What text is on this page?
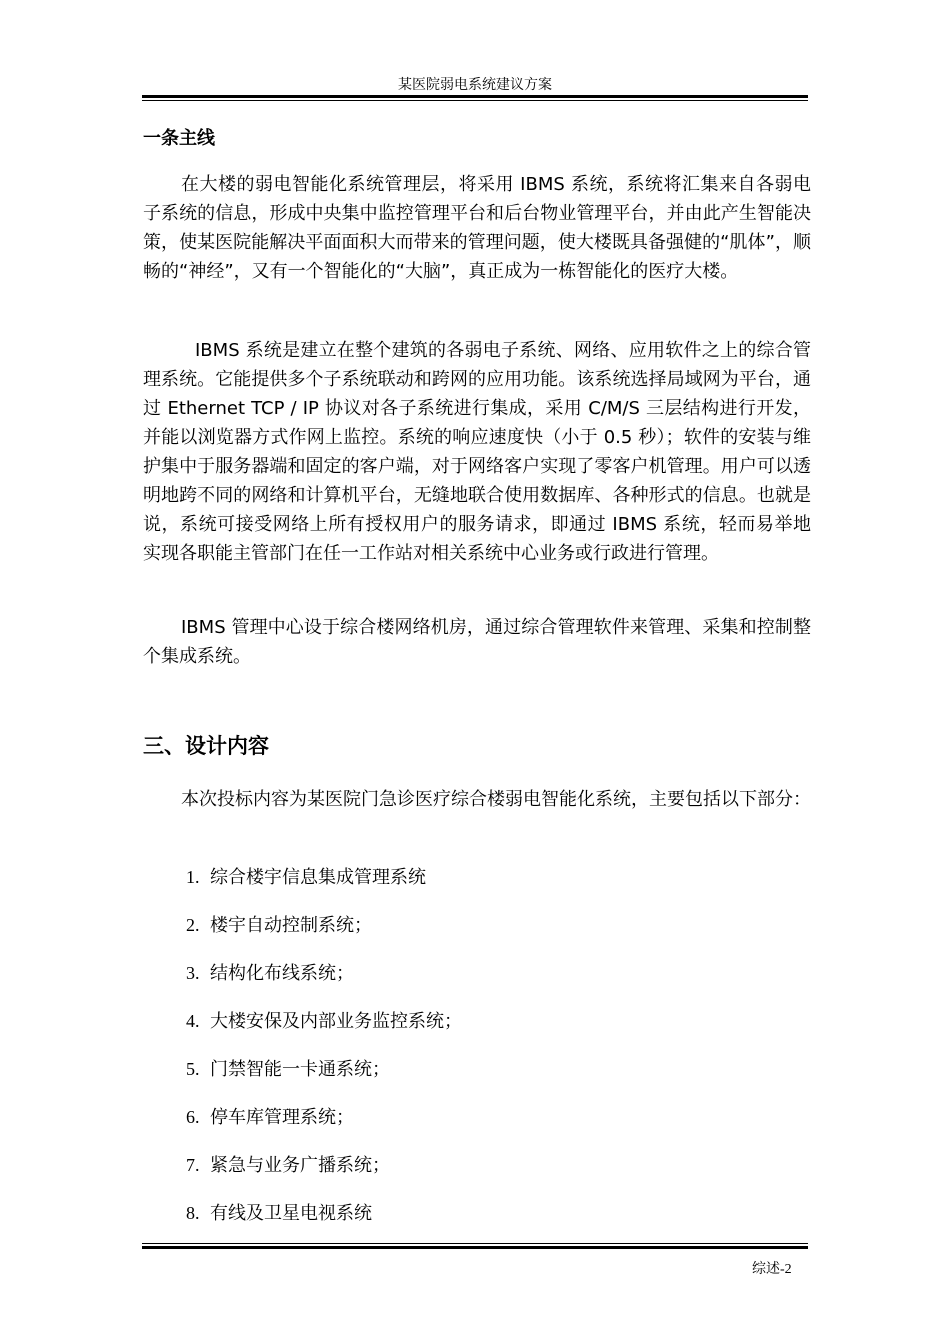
某医院弱电系统建议方案
一条主线

在大楼的弱电智能化系统管理层，将采用 IBMS 系统，系统将汇集来自各弱电子系统的信息，形成中央集中监控管理平台和后台物业管理平台，并由此产生智能决策，使某医院能解决平面面积大而带来的管理问题，使大楼既具备强健的“肌体”，顺畅的“神经”，又有一个智能化的“大脑”，真正成为一栋智能化的医疗大楼。

IBMS 系统是建立在整个建筑的各弱电子系统、网络、应用软件之上的综合管理系统。它能提供多个子系统联动和跨网的应用功能。该系统选择局域网为平台，通过 Ethernet TCP / IP 协议对各子系统进行集成，采用 C/M/S 三层结构进行开发，并能以浏览器方式作网上监控。系统的响应速度快（小于 0.5 秒）；软件的安装与维护集中于服务器端和固定的客户端，对于网络客户实现了零客户机管理。用户可以透明地跨不同的网络和计算机平台，无缝地联合使用数据库、各种形式的信息。也就是说，系统可接受网络上所有授权用户的服务请求，即通过 IBMS 系统，轻而易举地实现各职能主管部门在任一工作站对相关系统中心业务或行政进行管理。

IBMS 管理中心设于综合楼网络机房，通过综合管理软件来管理、采集和控制整个集成系统。

三、设计内容

本次投标内容为某医院门急诊医疗综合楼弱电智能化系统，主要包括以下部分：

1. 综合楼宇信息集成管理系统
2. 楼宇自动控制系统；
3. 结构化布线系统；
4. 大楼安保及内部业务监控系统；
5. 门禁智能一卡通系统；
6. 停车库管理系统；
7. 紧急与业务广播系统；
8. 有线及卫星电视系统
综述-2
